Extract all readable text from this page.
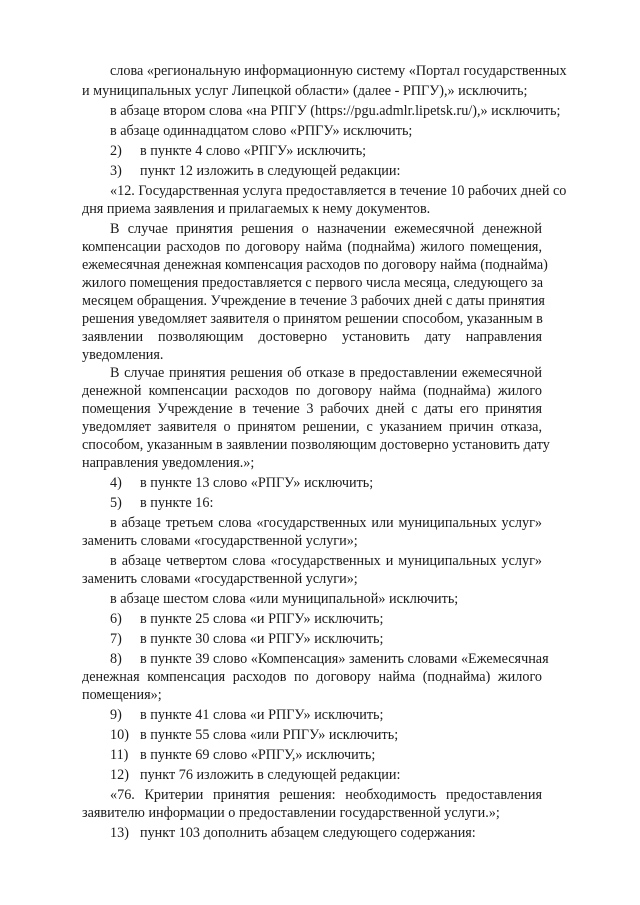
слова «региональную информационную систему «Портал государственных
и муниципальных услуг Липецкой области» (далее - РПГУ),» исключить;
в абзаце втором слова «на РПГУ (https://pgu.admlr.lipetsk.ru/),» исключить;
в абзаце одиннадцатом слово «РПГУ» исключить;
2) в пункте 4 слово «РПГУ» исключить;
3) пункт 12 изложить в следующей редакции:
«12. Государственная услуга предоставляется в течение 10 рабочих дней со
дня приема заявления и прилагаемых к нему документов.
В случае принятия решения о назначении ежемесячной денежной
компенсации расходов по договору найма (поднайма) жилого помещения,
ежемесячная денежная компенсация расходов по договору найма (поднайма)
жилого помещения предоставляется с первого числа месяца, следующего за
месяцем обращения. Учреждение в течение 3 рабочих дней с даты принятия
решения уведомляет заявителя о принятом решении способом, указанным в
заявлении позволяющим достоверно установить дату направления
уведомления.
В случае принятия решения об отказе в предоставлении ежемесячной
денежной компенсации расходов по договору найма (поднайма) жилого
помещения Учреждение в течение 3 рабочих дней с даты его принятия
уведомляет заявителя о принятом решении, с указанием причин отказа,
способом, указанным в заявлении позволяющим достоверно установить дату
направления уведомления.»;
4) в пункте 13 слово «РПГУ» исключить;
5) в пункте 16:
в абзаце третьем слова «государственных или муниципальных услуг»
заменить словами «государственной услуги»;
в абзаце четвертом слова «государственных и муниципальных услуг»
заменить словами «государственной услуги»;
в абзаце шестом слова «или муниципальной» исключить;
6) в пункте 25 слова «и РПГУ» исключить;
7) в пункте 30 слова «и РПГУ» исключить;
8) в пункте 39 слово «Компенсация» заменить словами «Ежемесячная
денежная компенсация расходов по договору найма (поднайма) жилого
помещения»;
9) в пункте 41 слова «и РПГУ» исключить;
10) в пункте 55 слова «или РПГУ» исключить;
11) в пункте 69 слово «РПГУ,» исключить;
12) пункт 76 изложить в следующей редакции:
«76. Критерии принятия решения: необходимость предоставления
заявителю информации о предоставлении государственной услуги.»;
13) пункт 103 дополнить абзацем следующего содержания:
